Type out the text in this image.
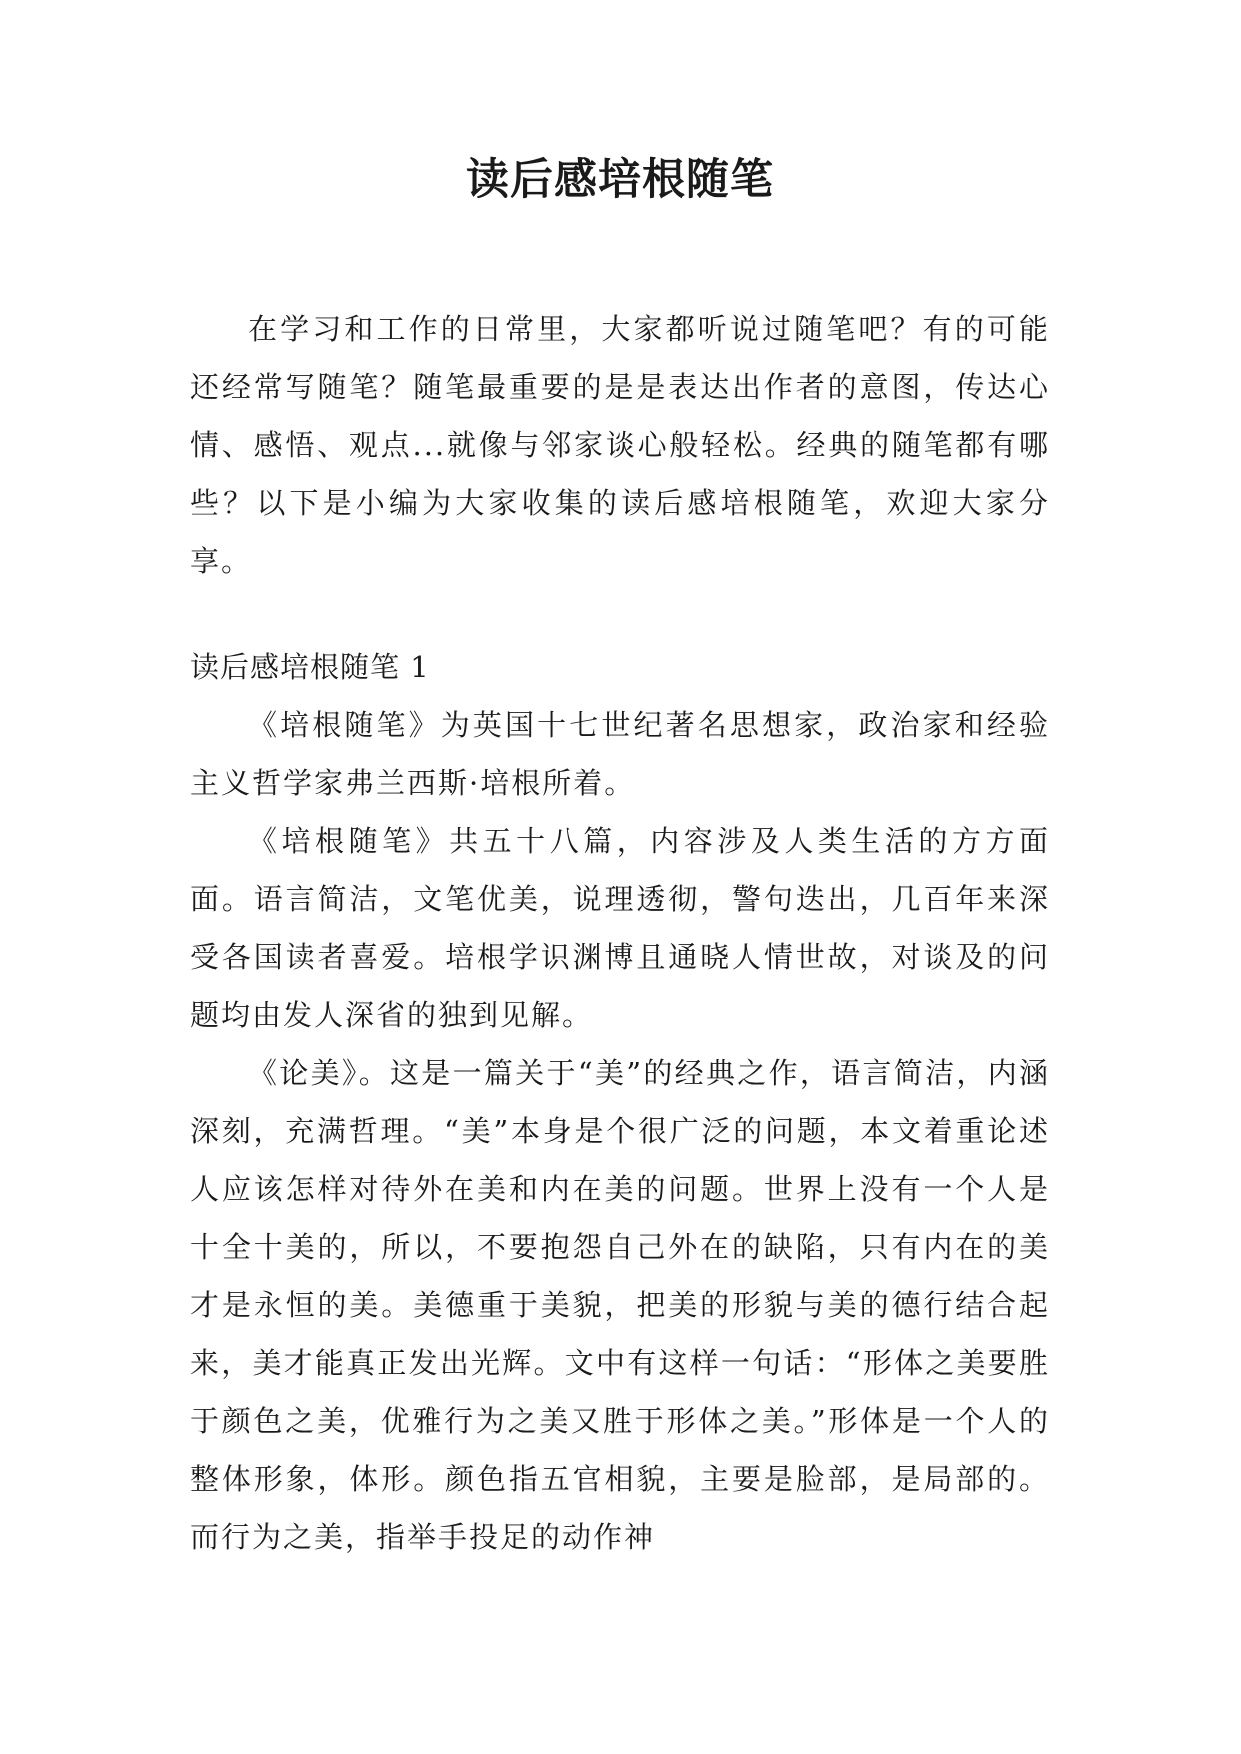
读后感培根随笔

在学习和工作的日常里，大家都听说过随笔吧？有的可能还经常写随笔？随笔最重要的是是表达出作者的意图，传达心情、感悟、观点...就像与邻家谈心般轻松。经典的随笔都有哪些？以下是小编为大家收集的读后感培根随笔，欢迎大家分享。

读后感培根随笔 1

《培根随笔》为英国十七世纪著名思想家，政治家和经验主义哲学家弗兰西斯·培根所着。

《培根随笔》共五十八篇，内容涉及人类生活的方方面面。语言简洁，文笔优美，说理透彻，警句迭出，几百年来深受各国读者喜爱。培根学识渊博且通晓人情世故，对谈及的问题均由发人深省的独到见解。

《论美》。这是一篇关于“美”的经典之作，语言简洁，内涵深刻，充满哲理。“美”本身是个很广泛的问题，本文着重论述人应该怎样对待外在美和内在美的问题。世界上没有一个人是十全十美的，所以，不要抱怨自己外在的缺陷，只有内在的美才是永恒的美。美德重于美貌，把美的形貌与美的德行结合起来，美才能真正发出光辉。文中有这样一句话：“形体之美要胜于颜色之美，优雅行为之美又胜于形体之美。”形体是一个人的整体形象，体形。颜色指五官相貌，主要是脸部，是局部的。而行为之美，指举手投足的动作神
